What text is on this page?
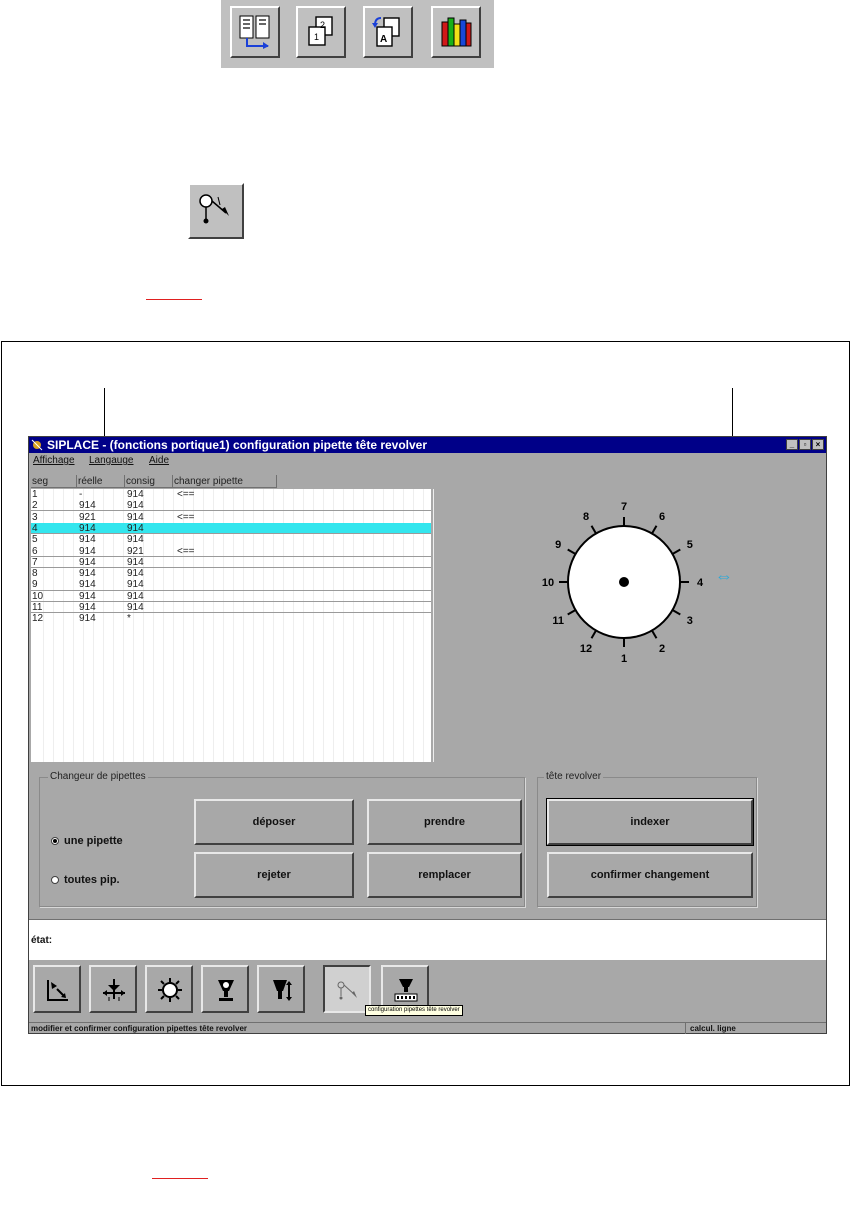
2
1	A
SIPLACE - (fonctions portique1) configuration pipette tête revolver	_	▫	×
Affichage Langauge Aide
seg	réelle	consig	changer pipette
1	-	914	<==
2	914	914
3	921	914	<==
4	914	914
5	914	914
6	914	921	<==
7	914	914
8	914	914
9	914	914
10	914	914
11	914	914
12	914	*
1
2
3
4
5
6
7
8
9
10
11
12
⇔
Changeur de pipettes
une pipette
toutes pip.
déposer	prendre
rejeter	remplacer
tête revolver
indexer
confirmer changement
état:
configuration pipettes tête revolver
modifier et confirmer configuration pipettes tête revolver	calcul. ligne
